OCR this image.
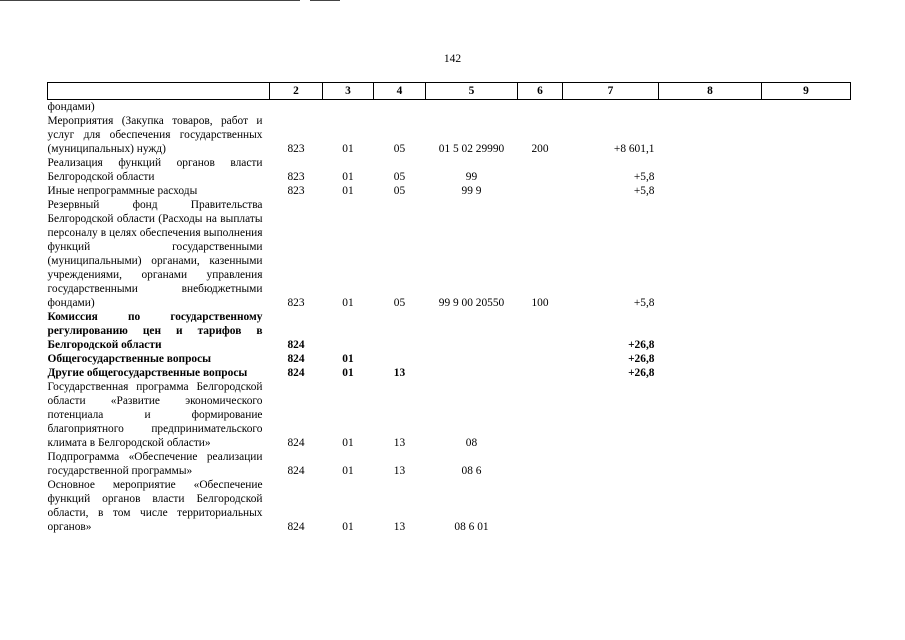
142
	2	3	4	5	6	7	8	9
фондами)								
Мероприятия (Закупка товаров, работ и услуг для обеспечения государственных (муниципальных) нужд)	823	01	05	01 5 02 29990	200	+8 601,1		
Реализация функций органов власти Белгородской области	823	01	05	99		+5,8		
Иные непрограммные расходы	823	01	05	99 9		+5,8		
Резервный фонд Правительства Белгородской области (Расходы на выплаты персоналу в целях обеспечения выполнения функций государственными (муниципальными) органами, казенными учреждениями, органами управления государственными внебюджетными фондами)	823	01	05	99 9 00 20550	100	+5,8		
Комиссия по государственному регулированию цен и тарифов в Белгородской области	824					+26,8		
Общегосударственные вопросы	824	01				+26,8		
Другие общегосударственные вопросы	824	01	13			+26,8		
Государственная программа Белгородской области «Развитие экономического потенциала и формирование благоприятного предпринимательского климата в Белгородской области»	824	01	13	08				
Подпрограмма «Обеспечение реализации государственной программы»	824	01	13	08 6				
Основное мероприятие «Обеспечение функций органов власти Белгородской области, в том числе территориальных органов»	824	01	13	08 6 01				
